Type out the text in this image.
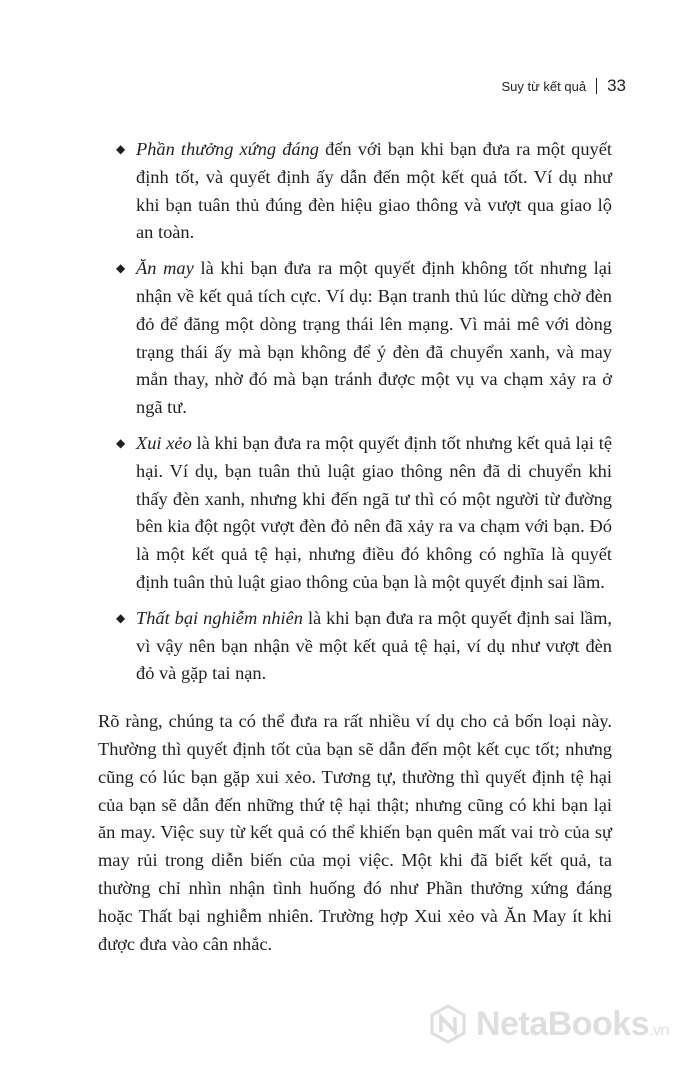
Suy từ kết quả 33
◆ Phần thưởng xứng đáng đến với bạn khi bạn đưa ra một quyết định tốt, và quyết định ấy dẫn đến một kết quả tốt. Ví dụ như khi bạn tuân thủ đúng đèn hiệu giao thông và vượt qua giao lộ an toàn.
◆ Ăn may là khi bạn đưa ra một quyết định không tốt nhưng lại nhận về kết quả tích cực. Ví dụ: Bạn tranh thủ lúc dừng chờ đèn đỏ để đăng một dòng trạng thái lên mạng. Vì mải mê với dòng trạng thái ấy mà bạn không để ý đèn đã chuyển xanh, và may mắn thay, nhờ đó mà bạn tránh được một vụ va chạm xảy ra ở ngã tư.
◆ Xui xẻo là khi bạn đưa ra một quyết định tốt nhưng kết quả lại tệ hại. Ví dụ, bạn tuân thủ luật giao thông nên đã di chuyển khi thấy đèn xanh, nhưng khi đến ngã tư thì có một người từ đường bên kia đột ngột vượt đèn đỏ nên đã xảy ra va chạm với bạn. Đó là một kết quả tệ hại, nhưng điều đó không có nghĩa là quyết định tuân thủ luật giao thông của bạn là một quyết định sai lầm.
◆ Thất bại nghiễm nhiên là khi bạn đưa ra một quyết định sai lầm, vì vậy nên bạn nhận về một kết quả tệ hại, ví dụ như vượt đèn đỏ và gặp tai nạn.

Rõ ràng, chúng ta có thể đưa ra rất nhiều ví dụ cho cả bốn loại này. Thường thì quyết định tốt của bạn sẽ dẫn đến một kết cục tốt; nhưng cũng có lúc bạn gặp xui xẻo. Tương tự, thường thì quyết định tệ hại của bạn sẽ dẫn đến những thứ tệ hại thật; nhưng cũng có khi bạn lại ăn may. Việc suy từ kết quả có thể khiến bạn quên mất vai trò của sự may rủi trong diễn biến của mọi việc. Một khi đã biết kết quả, ta thường chỉ nhìn nhận tình huống đó như Phần thưởng xứng đáng hoặc Thất bại nghiễm nhiên. Trường hợp Xui xẻo và Ăn May ít khi được đưa vào cân nhắc.

NetaBooks.vn
